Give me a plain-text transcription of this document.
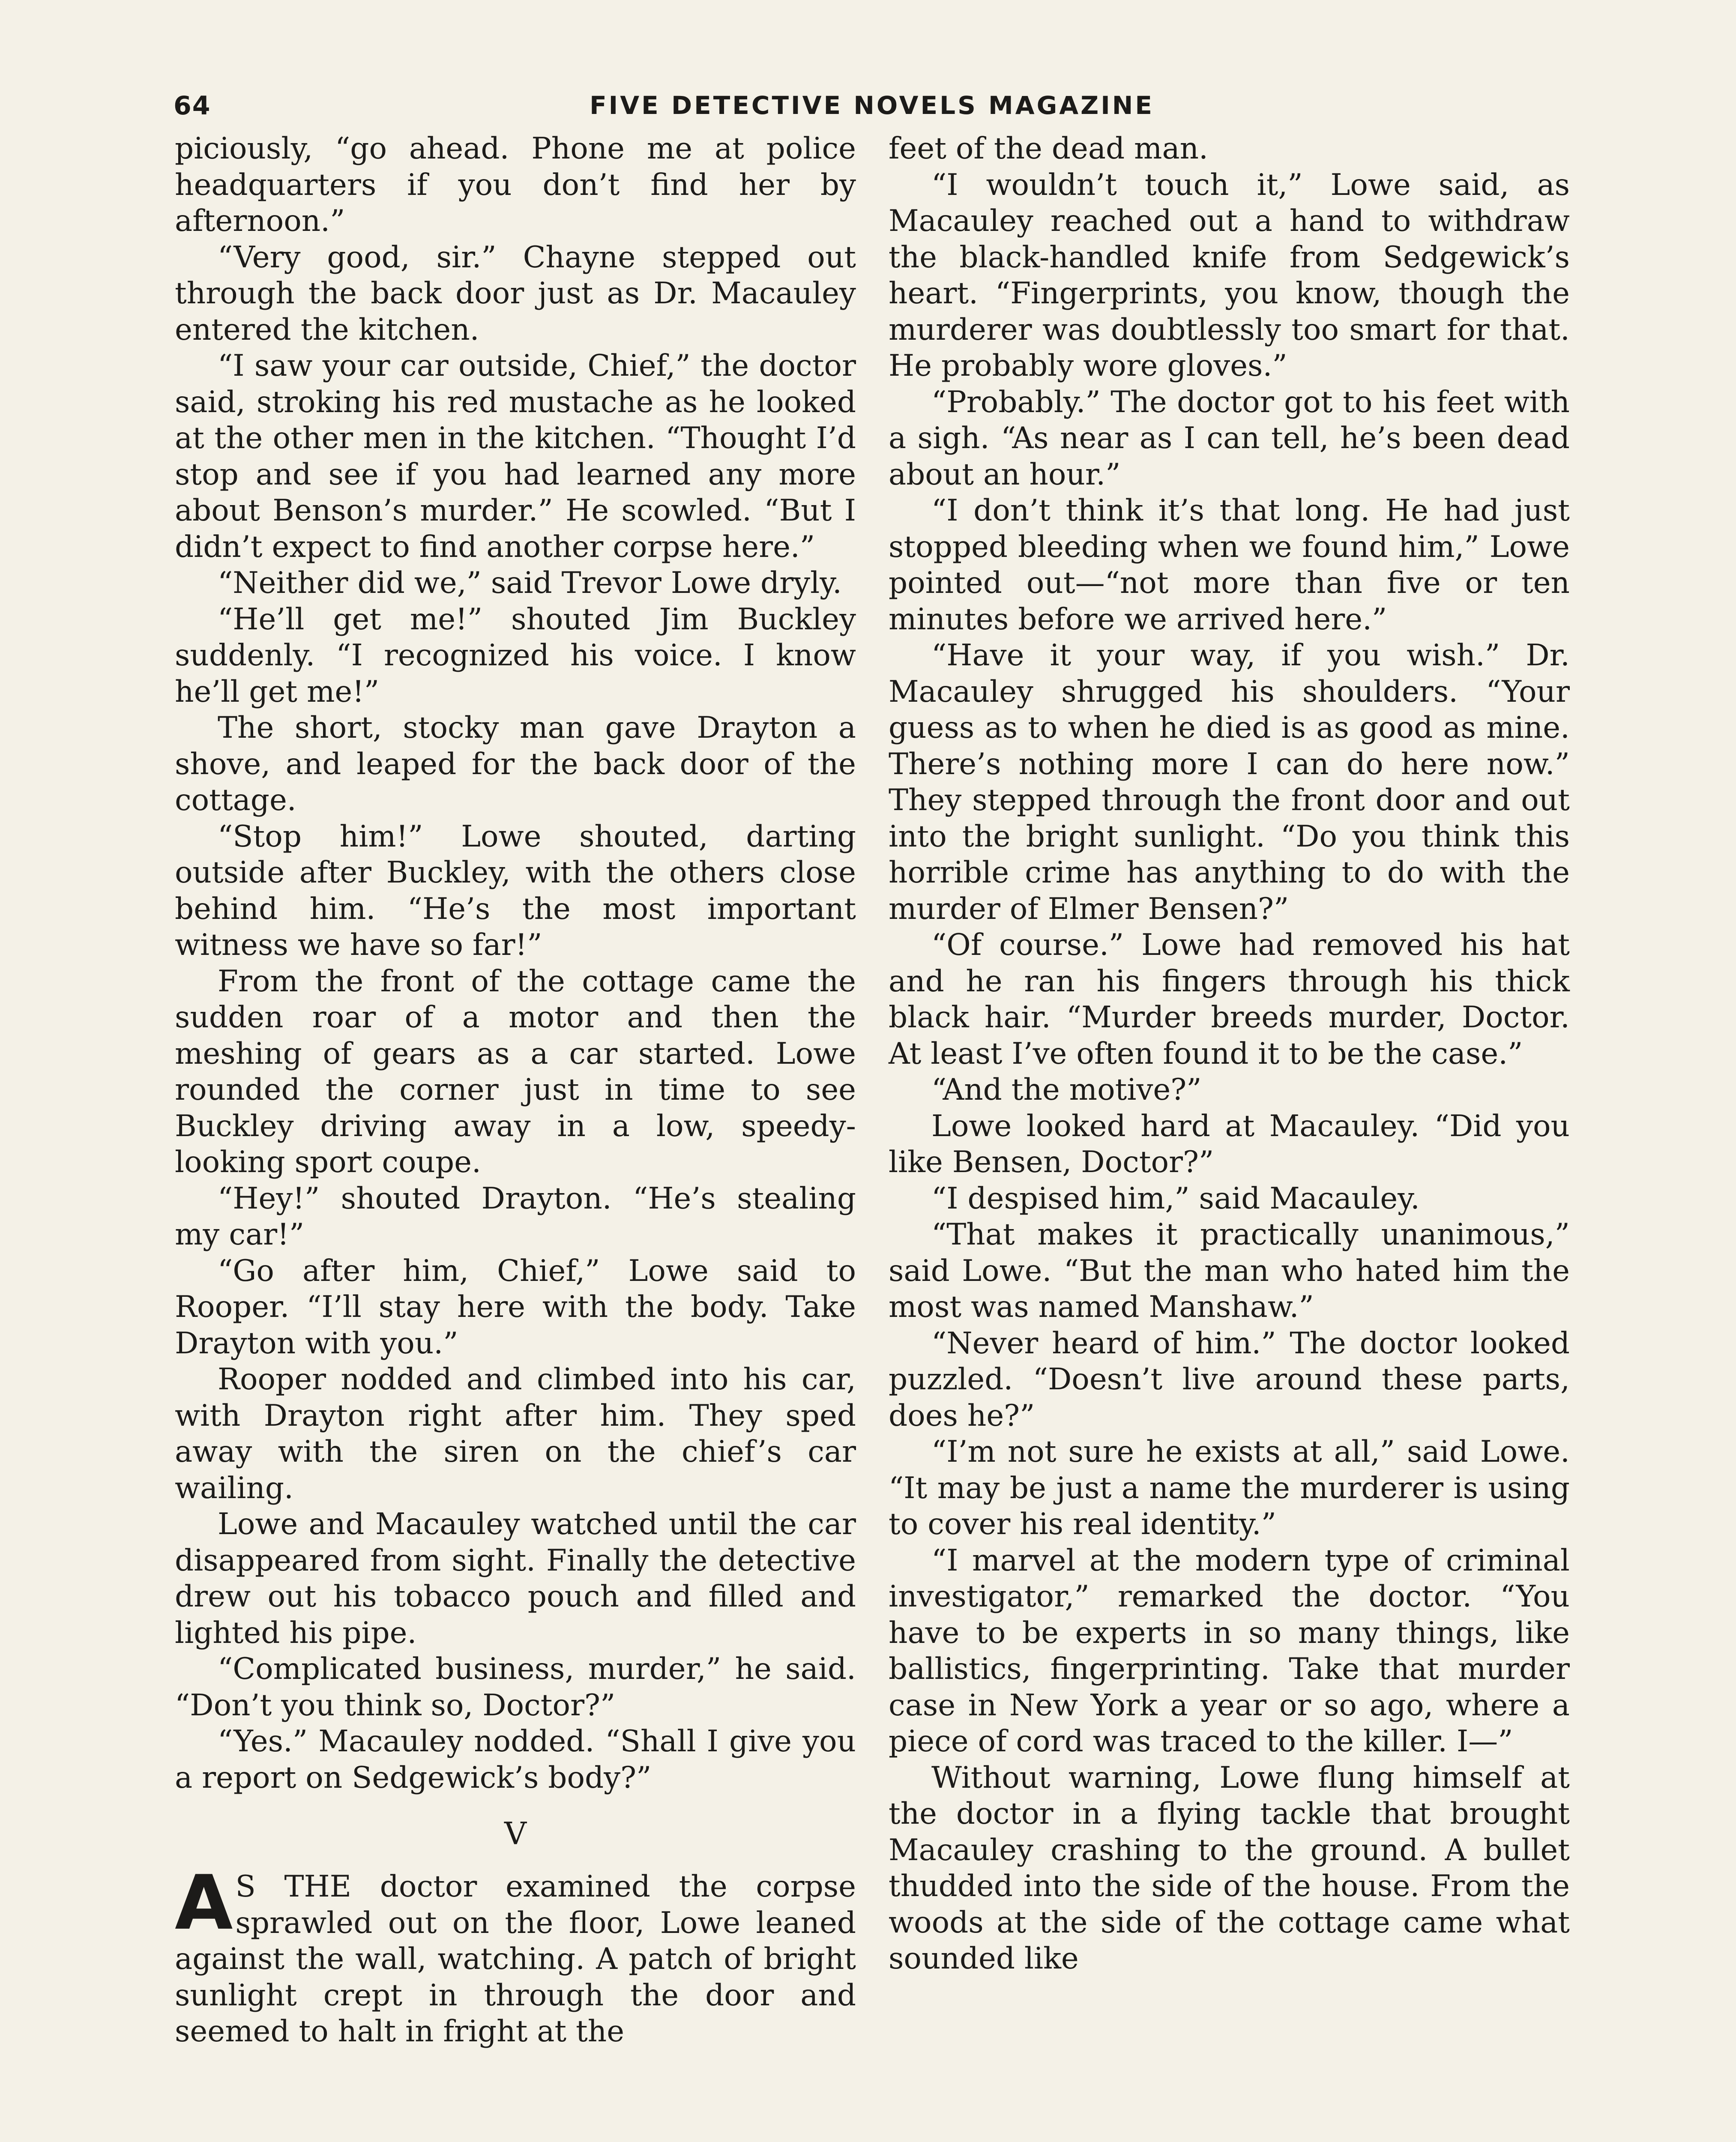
64	FIVE DETECTIVE NOVELS MAGAZINE

piciously, “go ahead. Phone me at police headquarters if you don’t find her by afternoon.”

“Very good, sir.” Chayne stepped out through the back door just as Dr. Macauley entered the kitchen.

“I saw your car outside, Chief,” the doctor said, stroking his red mustache as he looked at the other men in the kitchen. “Thought I’d stop and see if you had learned any more about Benson’s murder.” He scowled. “But I didn’t expect to find another corpse here.”

“Neither did we,” said Trevor Lowe dryly.

“He’ll get me!” shouted Jim Buckley suddenly. “I recognized his voice. I know he’ll get me!”

The short, stocky man gave Drayton a shove, and leaped for the back door of the cottage.

“Stop him!” Lowe shouted, darting outside after Buckley, with the others close behind him. “He’s the most important witness we have so far!”

From the front of the cottage came the sudden roar of a motor and then the meshing of gears as a car started. Lowe rounded the corner just in time to see Buckley driving away in a low, speedy-looking sport coupe.

“Hey!” shouted Drayton. “He’s stealing my car!”

“Go after him, Chief,” Lowe said to Rooper. “I’ll stay here with the body. Take Drayton with you.”

Rooper nodded and climbed into his car, with Drayton right after him. They sped away with the siren on the chief’s car wailing.

Lowe and Macauley watched until the car disappeared from sight. Finally the detective drew out his tobacco pouch and filled and lighted his pipe.

“Complicated business, murder,” he said. “Don’t you think so, Doctor?”

“Yes.” Macauley nodded. “Shall I give you a report on Sedgewick’s body?”

V

A S THE doctor examined the corpse sprawled out on the floor, Lowe leaned against the wall, watching. A patch of bright sunlight crept in through the door and seemed to halt in fright at the

feet of the dead man.

“I wouldn’t touch it,” Lowe said, as Macauley reached out a hand to withdraw the black-handled knife from Sedgewick’s heart. “Fingerprints, you know, though the murderer was doubtlessly too smart for that. He probably wore gloves.”

“Probably.” The doctor got to his feet with a sigh. “As near as I can tell, he’s been dead about an hour.”

“I don’t think it’s that long. He had just stopped bleeding when we found him,” Lowe pointed out—“not more than five or ten minutes before we arrived here.”

“Have it your way, if you wish.” Dr. Macauley shrugged his shoulders. “Your guess as to when he died is as good as mine. There’s nothing more I can do here now.” They stepped through the front door and out into the bright sunlight. “Do you think this horrible crime has anything to do with the murder of Elmer Bensen?”

“Of course.” Lowe had removed his hat and he ran his fingers through his thick black hair. “Murder breeds murder, Doctor. At least I’ve often found it to be the case.”

“And the motive?”

Lowe looked hard at Macauley. “Did you like Bensen, Doctor?”

“I despised him,” said Macauley.

“That makes it practically unanimous,” said Lowe. “But the man who hated him the most was named Manshaw.”

“Never heard of him.” The doctor looked puzzled. “Doesn’t live around these parts, does he?”

“I’m not sure he exists at all,” said Lowe. “It may be just a name the murderer is using to cover his real identity.”

“I marvel at the modern type of criminal investigator,” remarked the doctor. “You have to be experts in so many things, like ballistics, fingerprinting. Take that murder case in New York a year or so ago, where a piece of cord was traced to the killer. I—”

Without warning, Lowe flung himself at the doctor in a flying tackle that brought Macauley crashing to the ground. A bullet thudded into the side of the house. From the woods at the side of the cottage came what sounded like
